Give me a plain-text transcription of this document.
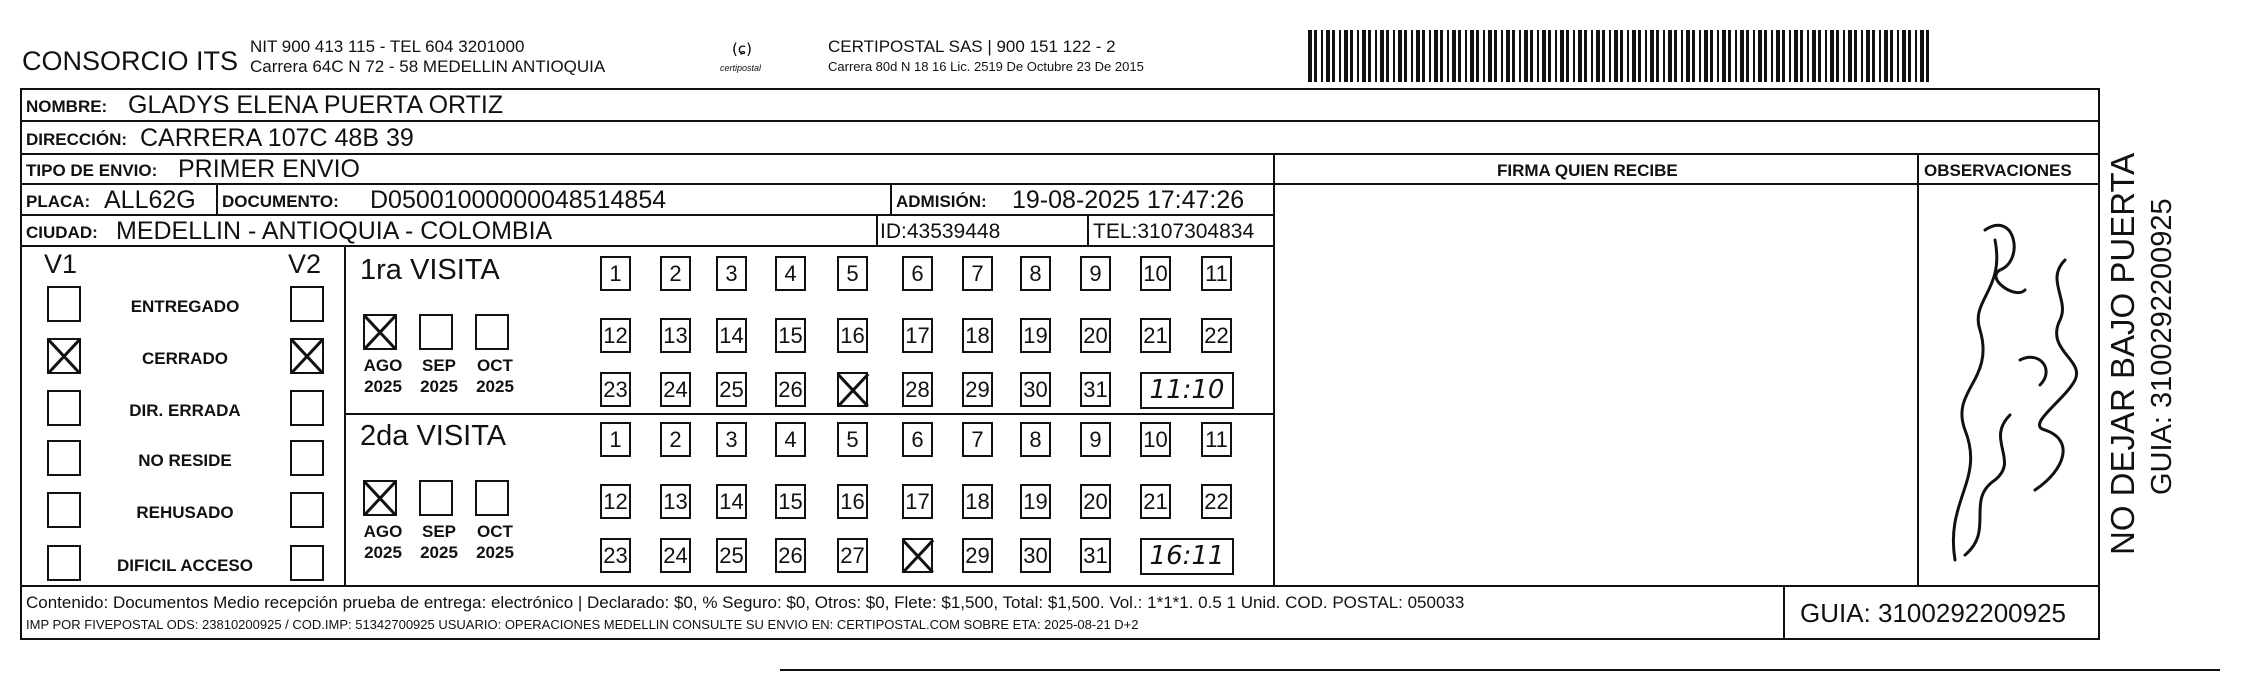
CONSORCIO ITS NIT 900 413 115 - TEL 604 3201000
Carrera 64C N 72 - 58 MEDELLIN ANTIOQUIA
(ɕ)
certipostal
CERTIPOSTAL SAS | 900 151 122 - 2
Carrera 80d N 18 16 Lic. 2519 De Octubre 23 De 2015
NOMBRE: GLADYS ELENA PUERTA ORTIZ
DIRECCIÓN: CARRERA 107C 48B 39
TIPO DE ENVIO: PRIMER ENVIO	FIRMA QUIEN RECIBE	OBSERVACIONES
PLACA: ALL62G DOCUMENTO: D05001000000048514854	ADMISIÓN: 19-08-2025 17:47:26
CIUDAD: MEDELLIN - ANTIOQUIA - COLOMBIA	ID:43539448	TEL:3107304834
V1	V2
ENTREGADO
CERRADO
DIR. ERRADA
NO RESIDE
REHUSADO
DIFICIL ACCESO
1ra VISITA
AGO
2025
SEP
2025
OCT
2025
1	2	3	4	5	6	7	8	9	10 11
12 13 14 15 16 17 18 19 20 21 22
23 24 25 26	28 29 30 31	11:10
2da VISITA
AGO
2025
SEP
2025
OCT
2025
1	2	3	4	5	6	7	8	9	10 11
12 13 14 15 16 17 18 19 20 21 22
23 24 25 26 27	29 30 31	16:11
Contenido: Documentos Medio recepción prueba de entrega: electrónico | Declarado: $0, % Seguro: $0, Otros: $0, Flete: $1,500, Total: $1,500. Vol.: 1*1*1. 0.5 1 Unid. COD. POSTAL: 050033
IMP POR FIVEPOSTAL ODS: 23810200925 / COD.IMP: 51342700925 USUARIO: OPERACIONES MEDELLIN CONSULTE SU ENVIO EN: CERTIPOSTAL.COM SOBRE ETA: 2025-08-21 D+2	GUIA: 3100292200925
NO DEJAR BAJO PUERTA GUIA: 3100292200925
